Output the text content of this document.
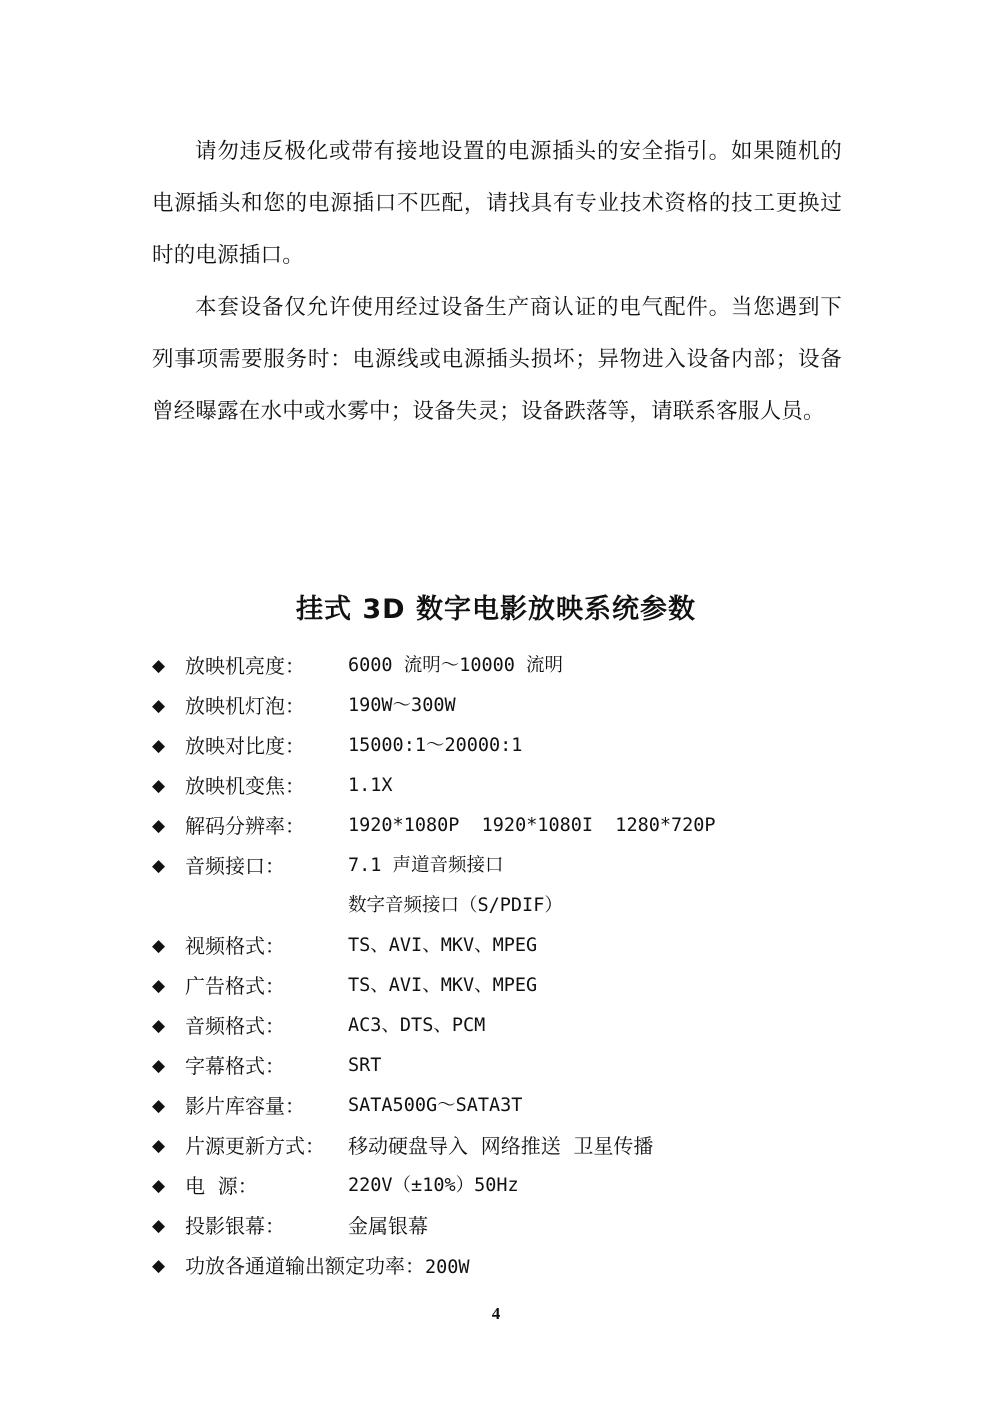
请勿违反极化或带有接地设置的电源插头的安全指引。如果随机的电源插头和您的电源插口不匹配，请找具有专业技术资格的技工更换过时的电源插口。

本套设备仅允许使用经过设备生产商认证的电气配件。当您遇到下列事项需要服务时：电源线或电源插头损坏；异物进入设备内部；设备曾经曝露在水中或水雾中；设备失灵；设备跌落等，请联系客服人员。

挂式 3D 数字电影放映系统参数
◆ 放映机亮度： 6000 流明～10000 流明
◆ 放映机灯泡： 190W～300W
◆ 放映对比度： 15000:1～20000:1
◆ 放映机变焦： 1.1X
◆ 解码分辨率： 1920*1080P  1920*1080I  1280*720P
◆ 音频接口：	7.1 声道音频接口
数字音频接口（S/PDIF）
◆ 视频格式：	TS、AVI、MKV、MPEG
◆ 广告格式：	TS、AVI、MKV、MPEG
◆ 音频格式：	AC3、DTS、PCM
◆ 字幕格式：	SRT
◆ 影片库容量： SATA500G～SATA3T
◆ 片源更新方式： 移动硬盘导入  网络推送  卫星传播
◆ 电  源：	220V（±10%）50Hz
◆ 投影银幕：	金属银幕
◆ 功放各通道输出额定功率：200W

4
